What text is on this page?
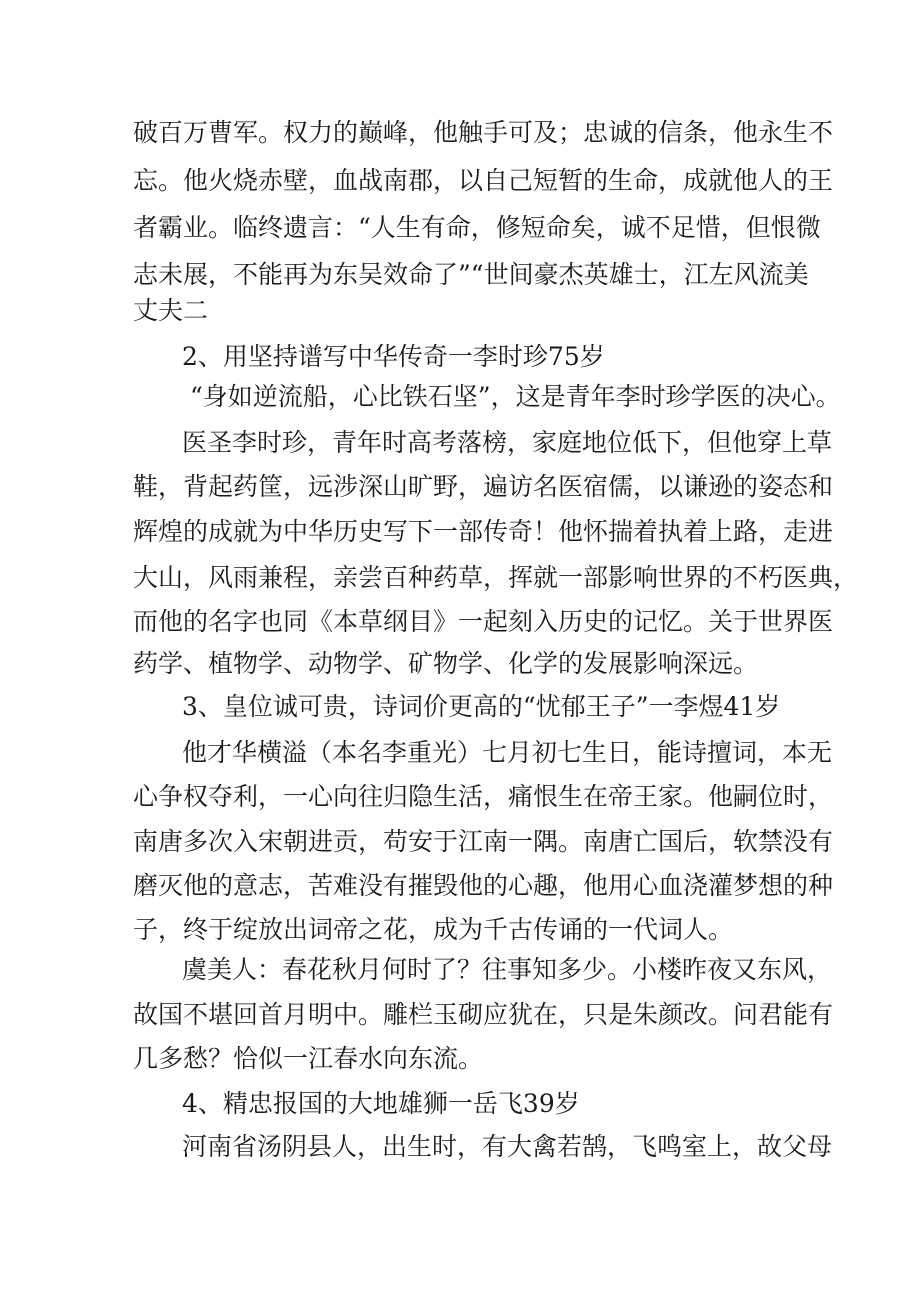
破百万曹军。权力的巅峰，他触手可及；忠诚的信条，他永生不
忘。他火烧赤壁，血战南郡，以自己短暂的生命，成就他人的王
者霸业。临终遗言：“人生有命，修短命矣，诚不足惜，但恨微
志未展，不能再为东吴效命了”“世间豪杰英雄士，江左风流美
丈夫二
2、用坚持谱写中华传奇一李时珍75岁
“身如逆流船，心比铁石坚”，这是青年李时珍学医的决心。
医圣李时珍，青年时高考落榜，家庭地位低下，但他穿上草
鞋，背起药筐，远涉深山旷野，遍访名医宿儒，以谦逊的姿态和
辉煌的成就为中华历史写下一部传奇！他怀揣着执着上路，走进
大山，风雨兼程，亲尝百种药草，挥就一部影响世界的不朽医典，
而他的名字也同《本草纲目》一起刻入历史的记忆。关于世界医
药学、植物学、动物学、矿物学、化学的发展影响深远。
3、皇位诚可贵，诗词价更高的“忧郁王子”一李煜41岁
他才华横溢（本名李重光）七月初七生日，能诗擅词，本无
心争权夺利，一心向往归隐生活，痛恨生在帝王家。他嗣位时，
南唐多次入宋朝进贡，苟安于江南一隅。南唐亡国后，软禁没有
磨灭他的意志，苦难没有摧毁他的心趣，他用心血浇灌梦想的种
子，终于绽放出词帝之花，成为千古传诵的一代词人。
虞美人：春花秋月何时了？往事知多少。小楼昨夜又东风，
故国不堪回首月明中。雕栏玉砌应犹在，只是朱颜改。问君能有
几多愁？恰似一江春水向东流。
4、精忠报国的大地雄狮一岳飞39岁
河南省汤阴县人，出生时，有大禽若鹄，飞鸣室上，故父母
